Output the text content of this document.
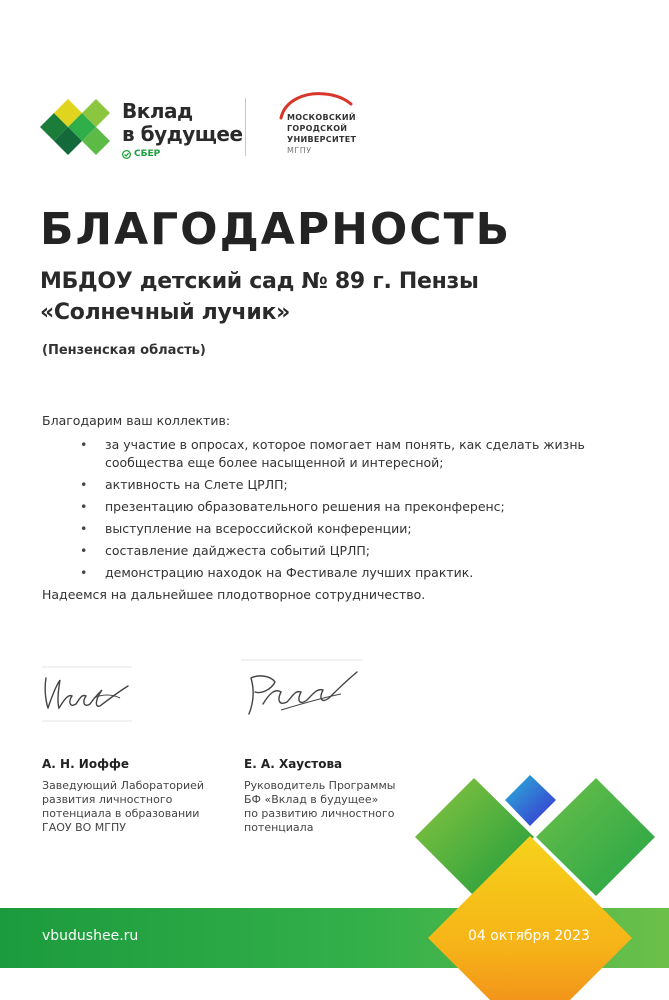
Вклад
в будущее
СБЕР
МОСКОВСКИЙ
ГОРОДСКОЙ
УНИВЕРСИТЕТ
МГПУ
БЛАГОДАРНОСТЬ
МБДОУ детский сад № 89 г. Пензы
«Солнечный лучик»
(Пензенская область)
Благодарим ваш коллектив:
• за участие в опросах, которое помогает нам понять, как сделать жизнь сообщества еще более насыщенной и интересной;
• активность на Слете ЦРЛП;
• презентацию образовательного решения на преконференс;
• выступление на всероссийской конференции;
• составление дайджеста событий ЦРЛП;
• демонстрацию находок на Фестивале лучших практик.
Надеемся на дальнейшее плодотворное сотрудничество.
А. Н. Иоффе
Заведующий Лабораторией
развития личностного
потенциала в образовании
ГАОУ ВО МГПУ
Е. А. Хаустова
Руководитель Программы
БФ «Вклад в будущее»
по развитию личностного
потенциала
vbudushee.ru	04 октября 2023
